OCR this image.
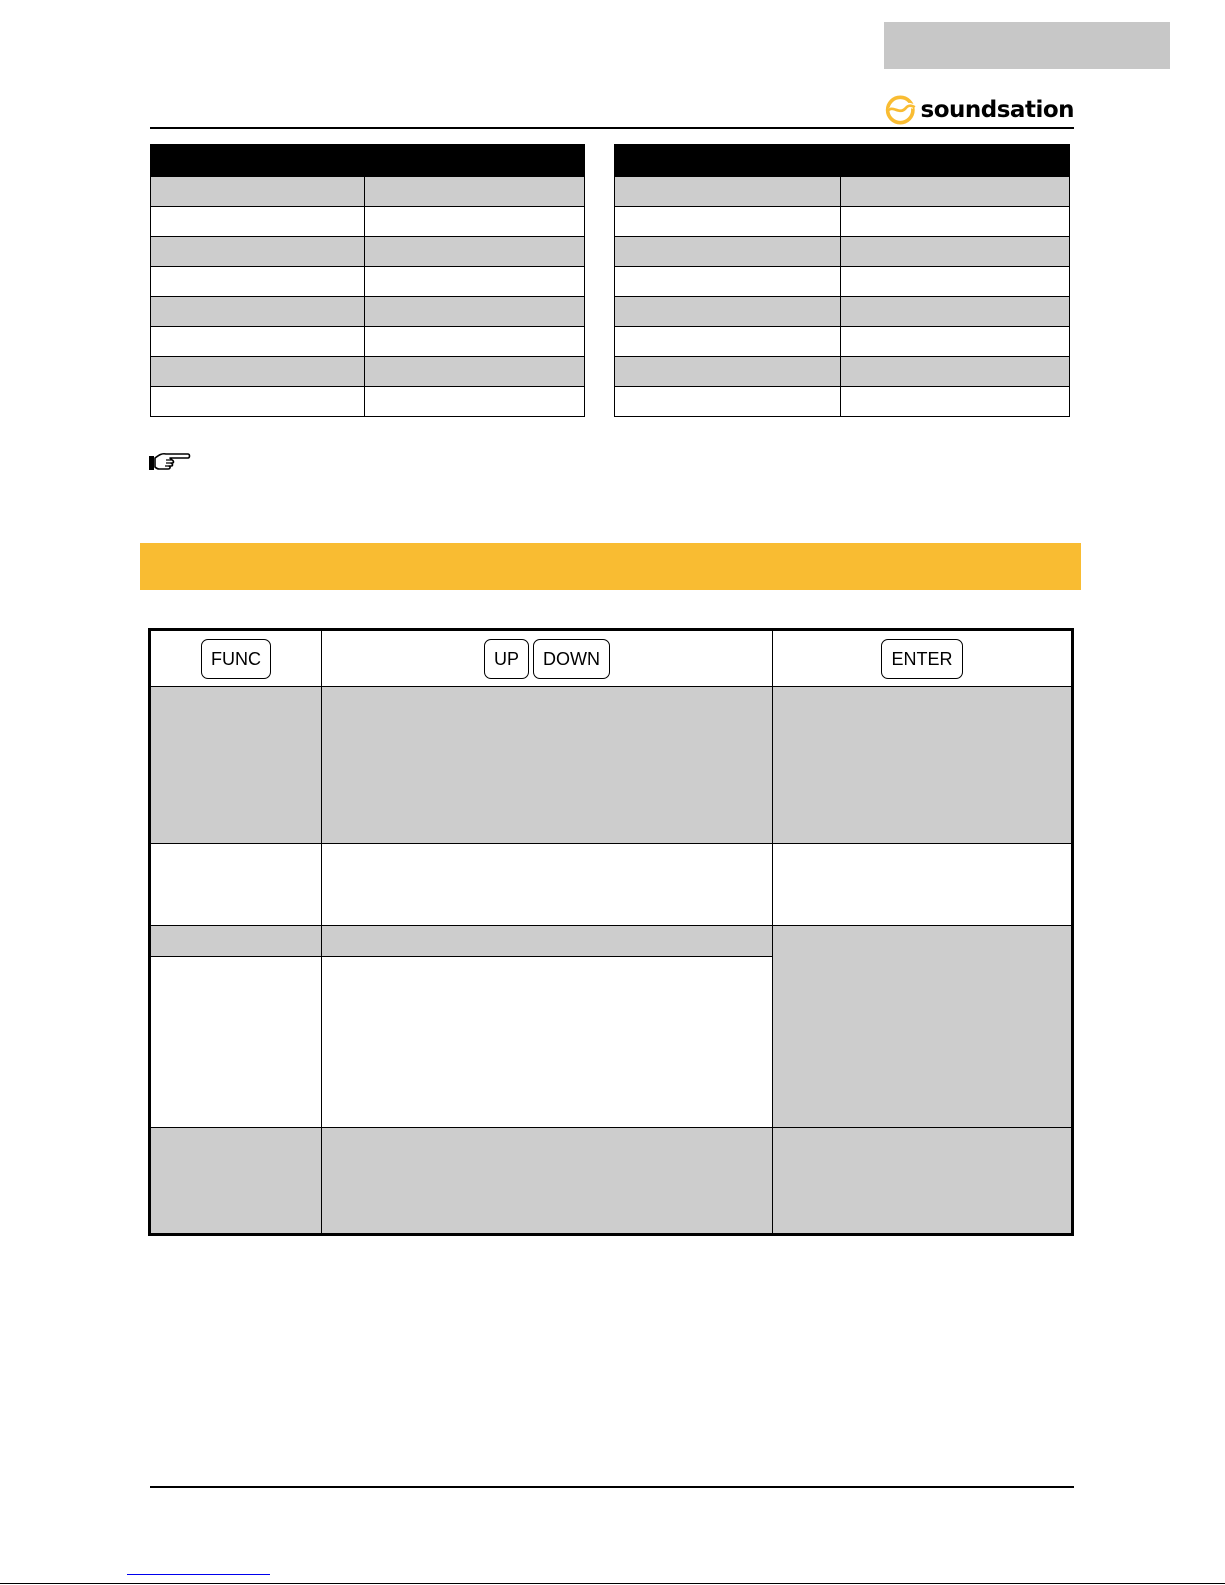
soundsation

FUNC	UP DOWN	ENTER
